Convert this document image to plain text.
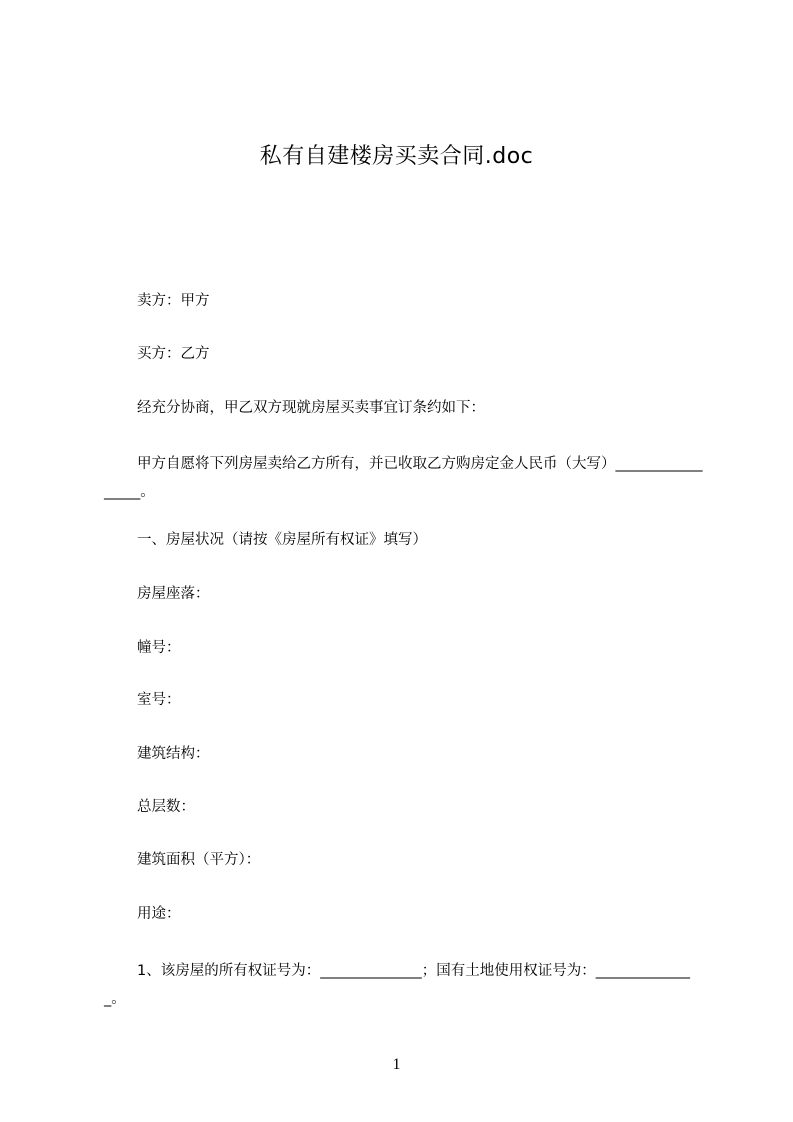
私有自建楼房买卖合同.doc
卖方：甲方
买方：乙方
经充分协商，甲乙双方现就房屋买卖事宜订条约如下：
甲方自愿将下列房屋卖给乙方所有，并已收取乙方购房定金人民币（大写）_________________。
一、房屋状况（请按《房屋所有权证》填写）
房屋座落：
幢号：
室号：
建筑结构：
总层数：
建筑面积（平方）：
用途：
1、该房屋的所有权证号为：______________；国有土地使用权证号为：______________。
1
